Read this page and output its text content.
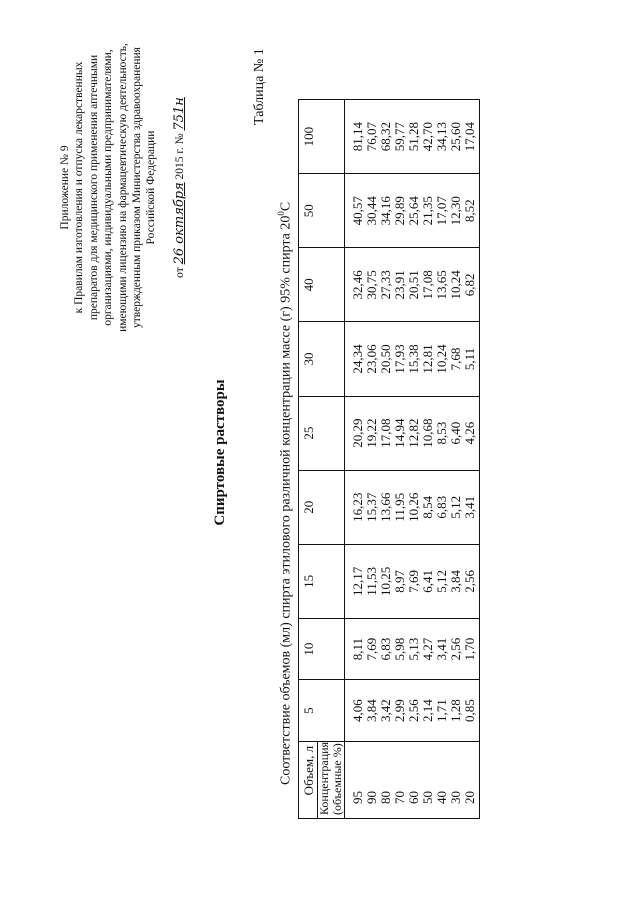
Приложение № 9 к Правилам изготовления и отпуска лекарственных препаратов для медицинского применения аптечными организациями, индивидуальными предпринимателями, имеющими лицензию на фармацевтическую деятельность, утвержденным приказом Министерства здравоохранения Российской Федерации
от 26 октября 2015 г. № 751н
Спиртовые растворы
Таблица № 1
Соответствие объемов (мл) спирта этилового различной концентрации массе (г) 95% спирта $20^0С$
Объем, л Концентрация (объемные %)	5	10	15	20	25	30	40	50	100
95	4,06	8,11	12,17	16,23	20,29	24,34	32,46	40,57	81,14
90	3,84	7,69	11,53	15,37	19,22	23,06	30,75	30,44	76,07
80	3,42	6,83	10,25	13,66	17,08	20,50	27,33	34,16	68,32
70	2,99	5,98	8,97	11,95	14,94	17,93	23,91	29,89	59,77
60	2,56	5,13	7,69	10,26	12,82	15,38	20,51	25,64	51,28
50	2,14	4,27	6,41	8,54	10,68	12,81	17,08	21,35	42,70
40	1,71	3,41	5,12	6,83	8,53	10,24	13,65	17,07	34,13
30	1,28	2,56	3,84	5,12	6,40	7,68	10,24	12,30	25,60
20	0,85	1,70	2,56	3,41	4,26	5,11	6,82	8,52	17,04
